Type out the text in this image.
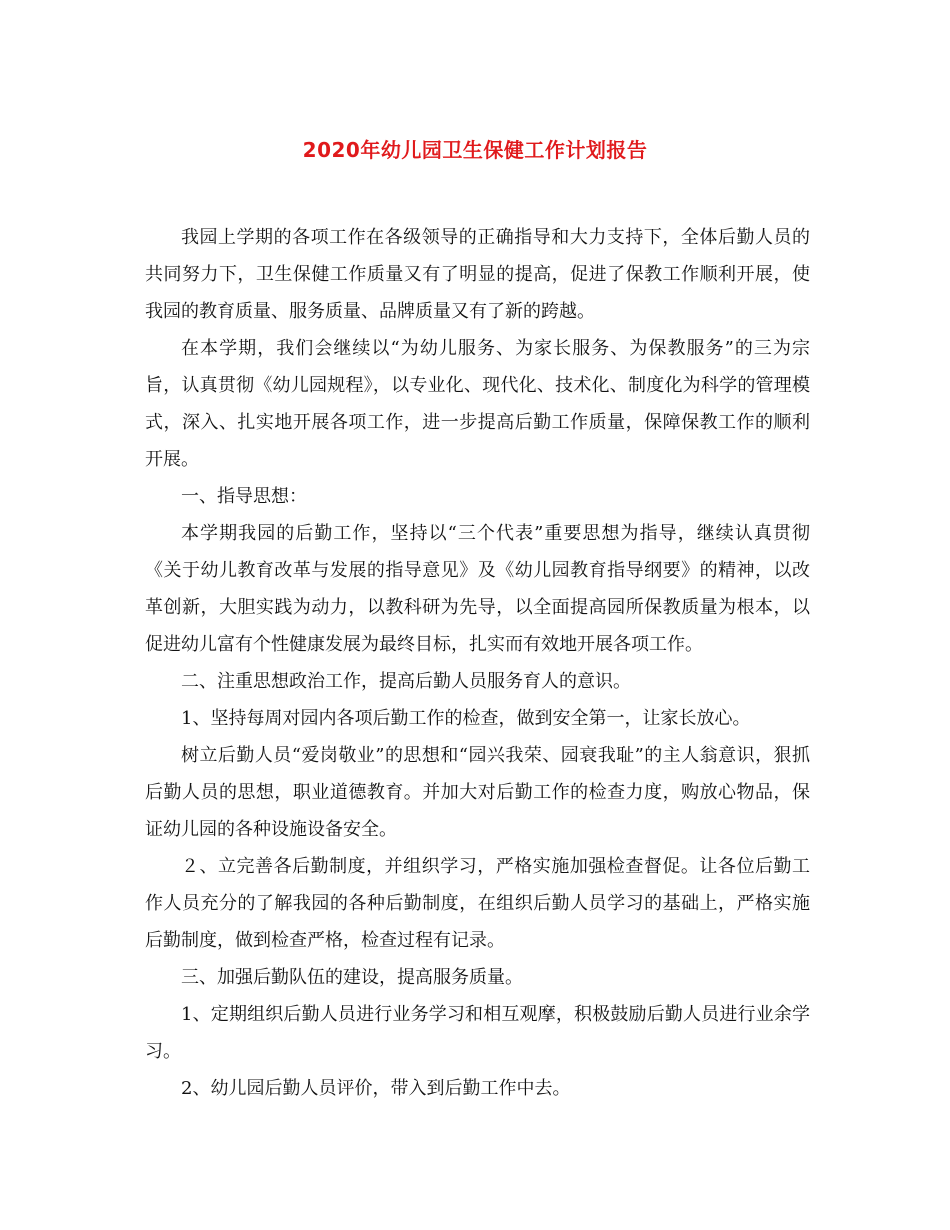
2020年幼儿园卫生保健工作计划报告

我园上学期的各项工作在各级领导的正确指导和大力支持下，全体后勤人员的共同努力下，卫生保健工作质量又有了明显的提高，促进了保教工作顺利开展，使我园的教育质量、服务质量、品牌质量又有了新的跨越。

在本学期，我们会继续以“为幼儿服务、为家长服务、为保教服务”的三为宗旨，认真贯彻《幼儿园规程》，以专业化、现代化、技术化、制度化为科学的管理模式，深入、扎实地开展各项工作，进一步提高后勤工作质量，保障保教工作的顺利开展。

一、指导思想：

本学期我园的后勤工作，坚持以“三个代表”重要思想为指导，继续认真贯彻《关于幼儿教育改革与发展的指导意见》及《幼儿园教育指导纲要》的精神，以改革创新，大胆实践为动力，以教科研为先导，以全面提高园所保教质量为根本，以促进幼儿富有个性健康发展为最终目标，扎实而有效地开展各项工作。

二、注重思想政治工作，提高后勤人员服务育人的意识。

1、坚持每周对园内各项后勤工作的检查，做到安全第一，让家长放心。

树立后勤人员“爱岗敬业”的思想和“园兴我荣、园衰我耻”的主人翁意识，狠抓后勤人员的思想，职业道德教育。并加大对后勤工作的检查力度，购放心物品，保证幼儿园的各种设施设备安全。

２、立完善各后勤制度，并组织学习，严格实施加强检查督促。让各位后勤工作人员充分的了解我园的各种后勤制度，在组织后勤人员学习的基础上，严格实施后勤制度，做到检查严格，检查过程有记录。

三、加强后勤队伍的建设，提高服务质量。

1、定期组织后勤人员进行业务学习和相互观摩，积极鼓励后勤人员进行业余学习。

2、幼儿园后勤人员评价，带入到后勤工作中去。
